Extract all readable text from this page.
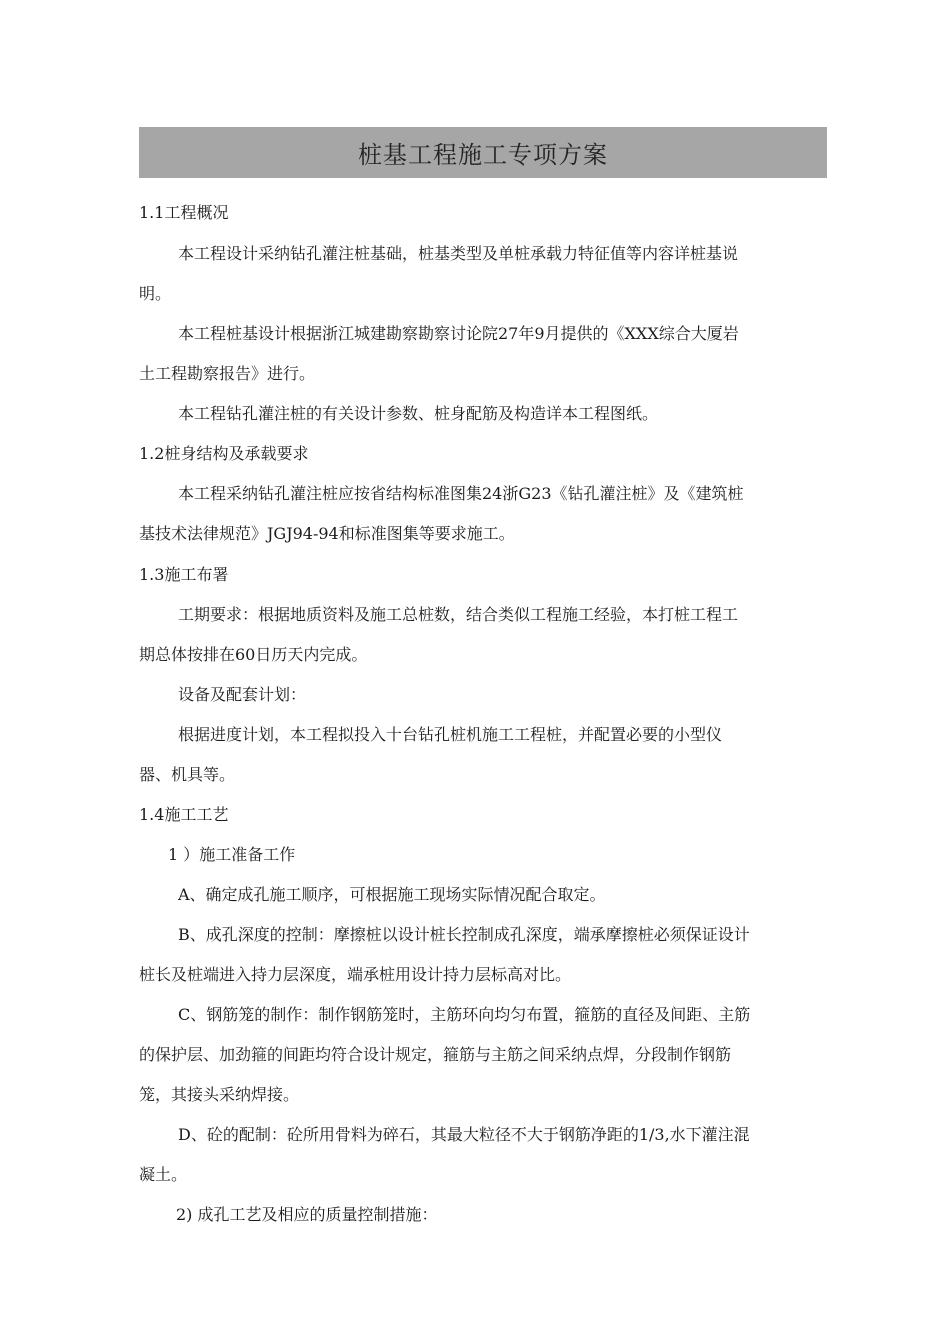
桩基工程施工专项方案
1.1工程概况
本工程设计采纳钻孔灌注桩基础，桩基类型及单桩承载力特征值等内容详桩基说
明。
本工程桩基设计根据浙江城建勘察勘察讨论院27年9月提供的《XXX综合大厦岩
土工程勘察报告》进行。
本工程钻孔灌注桩的有关设计参数、桩身配筋及构造详本工程图纸。
1.2桩身结构及承载要求
本工程采纳钻孔灌注桩应按省结构标准图集24浙G23《钻孔灌注桩》及《建筑桩
基技术法律规范》JGJ94-94和标准图集等要求施工。
1.3施工布署
工期要求：根据地质资料及施工总桩数，结合类似工程施工经验，本打桩工程工
期总体按排在60日历天内完成。
设备及配套计划：
根据进度计划，本工程拟投入十台钻孔桩机施工工程桩，并配置必要的小型仪
器、机具等。
1.4施工工艺
1 ）施工准备工作
A、确定成孔施工顺序，可根据施工现场实际情况配合取定。
B、成孔深度的控制：摩擦桩以设计桩长控制成孔深度，端承摩擦桩必须保证设计
桩长及桩端进入持力层深度，端承桩用设计持力层标高对比。
C、钢筋笼的制作：制作钢筋笼时，主筋环向均匀布置，箍筋的直径及间距、主筋
的保护层、加劲箍的间距均符合设计规定，箍筋与主筋之间采纳点焊，分段制作钢筋
笼，其接头采纳焊接。
D、砼的配制：砼所用骨料为碎石，其最大粒径不大于钢筋净距的1/3,水下灌注混
凝土。
2) 成孔工艺及相应的质量控制措施：
